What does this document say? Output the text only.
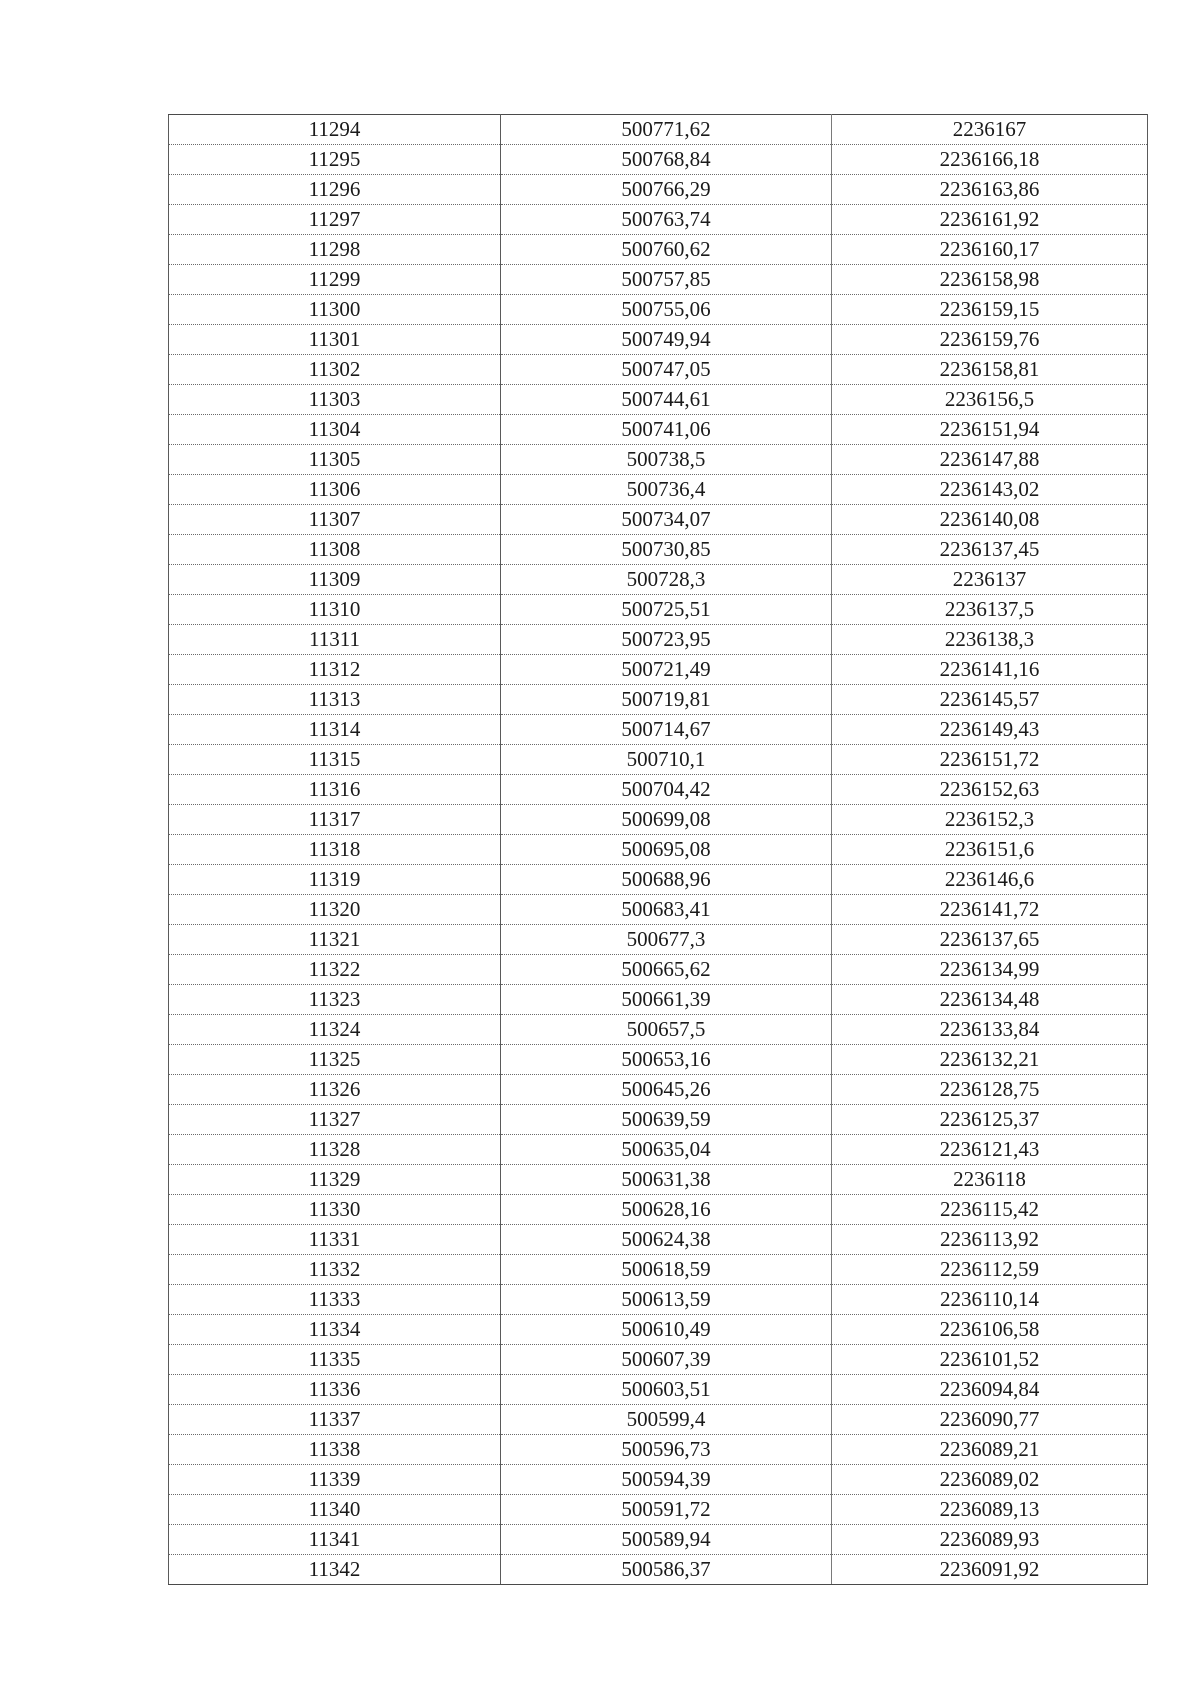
11294	500771,62	2236167
11295	500768,84	2236166,18
11296	500766,29	2236163,86
11297	500763,74	2236161,92
11298	500760,62	2236160,17
11299	500757,85	2236158,98
11300	500755,06	2236159,15
11301	500749,94	2236159,76
11302	500747,05	2236158,81
11303	500744,61	2236156,5
11304	500741,06	2236151,94
11305	500738,5	2236147,88
11306	500736,4	2236143,02
11307	500734,07	2236140,08
11308	500730,85	2236137,45
11309	500728,3	2236137
11310	500725,51	2236137,5
11311	500723,95	2236138,3
11312	500721,49	2236141,16
11313	500719,81	2236145,57
11314	500714,67	2236149,43
11315	500710,1	2236151,72
11316	500704,42	2236152,63
11317	500699,08	2236152,3
11318	500695,08	2236151,6
11319	500688,96	2236146,6
11320	500683,41	2236141,72
11321	500677,3	2236137,65
11322	500665,62	2236134,99
11323	500661,39	2236134,48
11324	500657,5	2236133,84
11325	500653,16	2236132,21
11326	500645,26	2236128,75
11327	500639,59	2236125,37
11328	500635,04	2236121,43
11329	500631,38	2236118
11330	500628,16	2236115,42
11331	500624,38	2236113,92
11332	500618,59	2236112,59
11333	500613,59	2236110,14
11334	500610,49	2236106,58
11335	500607,39	2236101,52
11336	500603,51	2236094,84
11337	500599,4	2236090,77
11338	500596,73	2236089,21
11339	500594,39	2236089,02
11340	500591,72	2236089,13
11341	500589,94	2236089,93
11342	500586,37	2236091,92
